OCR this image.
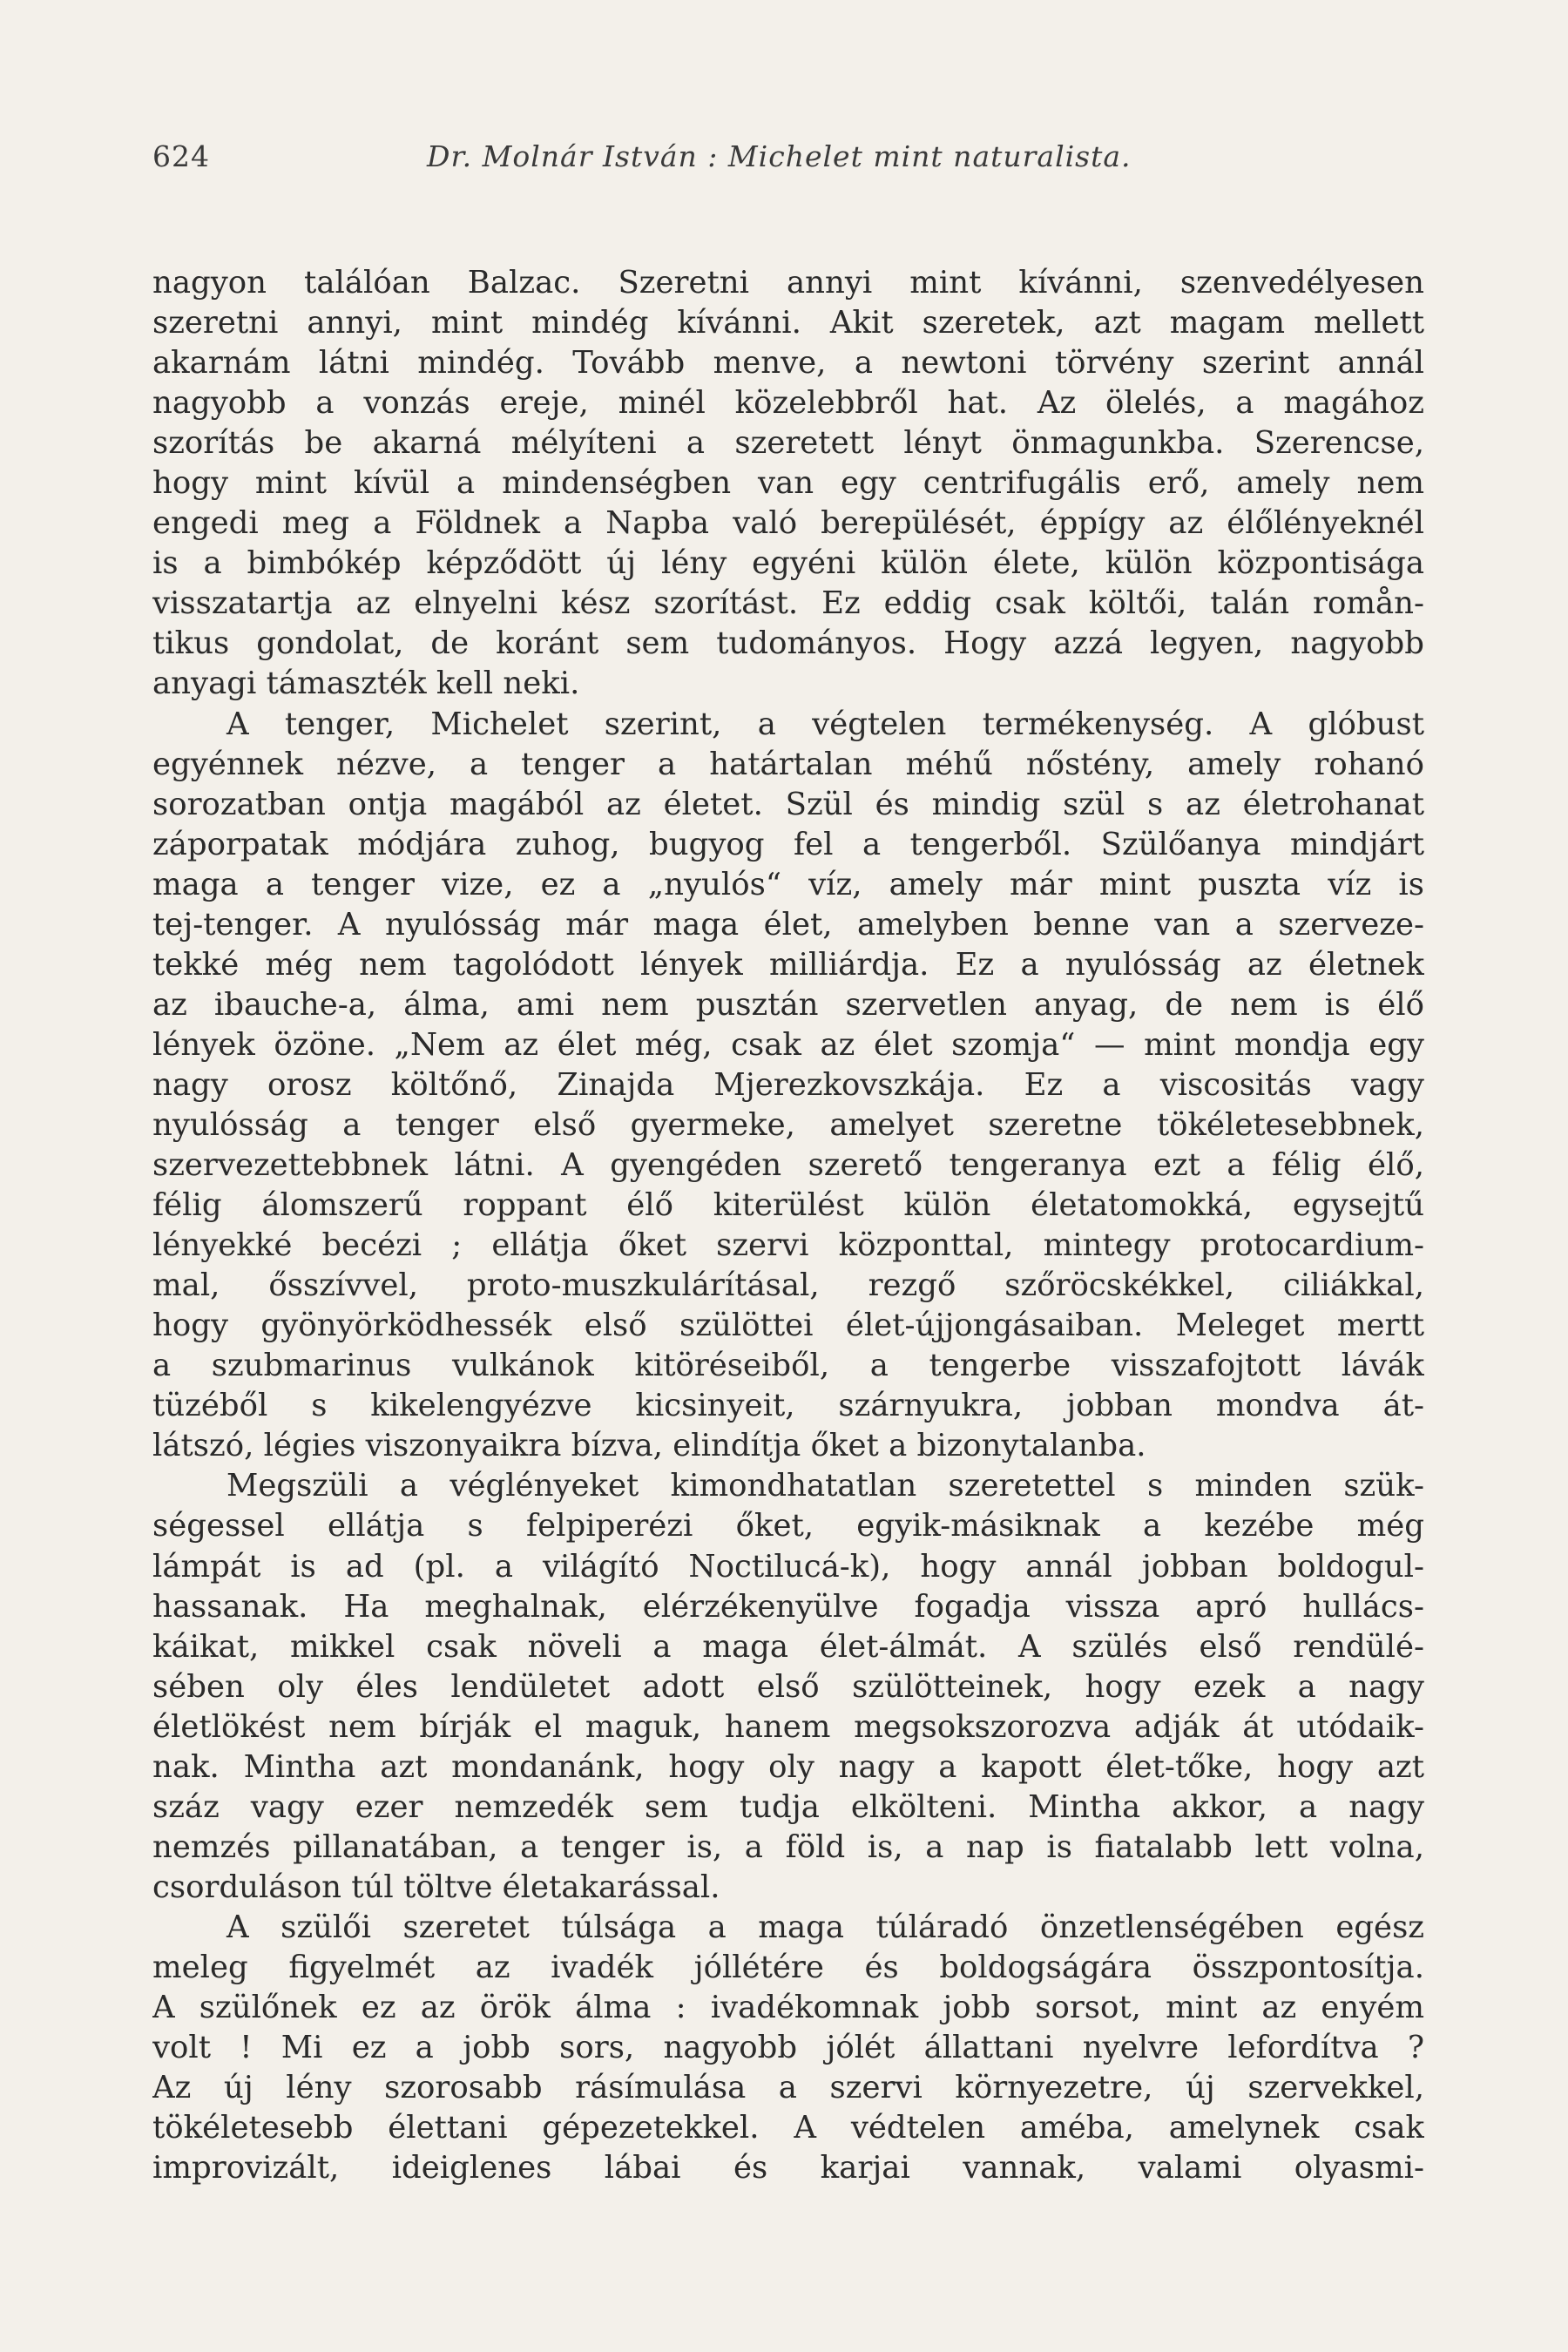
624	Dr. Molnár István : Michelet mint naturalista.
nagyon találóan Balzac. Szeretni annyi mint kívánni, szenvedélyesen
szeretni annyi, mint mindég kívánni. Akit szeretek, azt magam mellett
akarnám látni mindég. Tovább menve, a newtoni törvény szerint annál
nagyobb a vonzás ereje, minél közelebbről hat. Az ölelés, a magához
szorítás be akarná mélyíteni a szeretett lényt önmagunkba. Szerencse,
hogy mint kívül a mindenségben van egy centrifugális erő, amely nem
engedi meg a Földnek a Napba való berepülését, éppígy az élőlényeknél
is a bimbókép képződött új lény egyéni külön élete, külön központisága
visszatartja az elnyelni kész szorítást. Ez eddig csak költői, talán romån-
tikus gondolat, de koránt sem tudományos. Hogy azzá legyen, nagyobb
anyagi támaszték kell neki.
A tenger, Michelet szerint, a végtelen termékenység. A glóbust
egyénnek nézve, a tenger a határtalan méhű nőstény, amely rohanó
sorozatban ontja magából az életet. Szül és mindig szül s az életrohanat
záporpatak módjára zuhog, bugyog fel a tengerből. Szülőanya mindjárt
maga a tenger vize, ez a „nyulós“ víz, amely már mint puszta víz is
tej-tenger. A nyulósság már maga élet, amelyben benne van a szerveze-
tekké még nem tagolódott lények milliárdja. Ez a nyulósság az életnek
az ibauche-a, álma, ami nem pusztán szervetlen anyag, de nem is élő
lények özöne. „Nem az élet még, csak az élet szomja“ — mint mondja egy
nagy orosz költőnő, Zinajda Mjerezkovszkája. Ez a viscositás vagy
nyulósság a tenger első gyermeke, amelyet szeretne tökéletesebbnek,
szervezettebbnek látni. A gyengéden szerető tengeranya ezt a félig élő,
félig álomszerű roppant élő kiterülést külön életatomokká, egysejtű
lényekké becézi ; ellátja őket szervi központtal, mintegy protocardium-
mal, ősszívvel, proto-muszkulárításal, rezgő szőröcskékkel, ciliákkal,
hogy gyönyörködhessék első szülöttei élet-újjongásaiban. Meleget mertt
a szubmarinus vulkánok kitöréseiből, a tengerbe visszafojtott lávák
tüzéből s kikelengyézve kicsinyeit, szárnyukra, jobban mondva át-
látszó, légies viszonyaikra bízva, elindítja őket a bizonytalanba.
Megszüli a véglényeket kimondhatatlan szeretettel s minden szük-
ségessel ellátja s felpiperézi őket, egyik-másiknak a kezébe még
lámpát is ad (pl. a világító Noctilucá-k), hogy annál jobban boldogul-
hassanak. Ha meghalnak, elérzékenyülve fogadja vissza apró hullács-
káikat, mikkel csak növeli a maga élet-álmát. A szülés első rendülé-
sében oly éles lendületet adott első szülötteinek, hogy ezek a nagy
életlökést nem bírják el maguk, hanem megsokszorozva adják át utódaik-
nak. Mintha azt mondanánk, hogy oly nagy a kapott élet-tőke, hogy azt
száz vagy ezer nemzedék sem tudja elkölteni. Mintha akkor, a nagy
nemzés pillanatában, a tenger is, a föld is, a nap is fiatalabb lett volna,
csorduláson túl töltve életakarással.
A szülői szeretet túlsága a maga túláradó önzetlenségében egész
meleg figyelmét az ivadék jóllétére és boldogságára összpontosítja.
A szülőnek ez az örök álma : ivadékomnak jobb sorsot, mint az enyém
volt ! Mi ez a jobb sors, nagyobb jólét állattani nyelvre lefordítva ?
Az új lény szorosabb rásímulása a szervi környezetre, új szervekkel,
tökéletesebb élettani gépezetekkel. A védtelen améba, amelynek csak
improvizált, ideiglenes lábai és karjai vannak, valami olyasmi-
